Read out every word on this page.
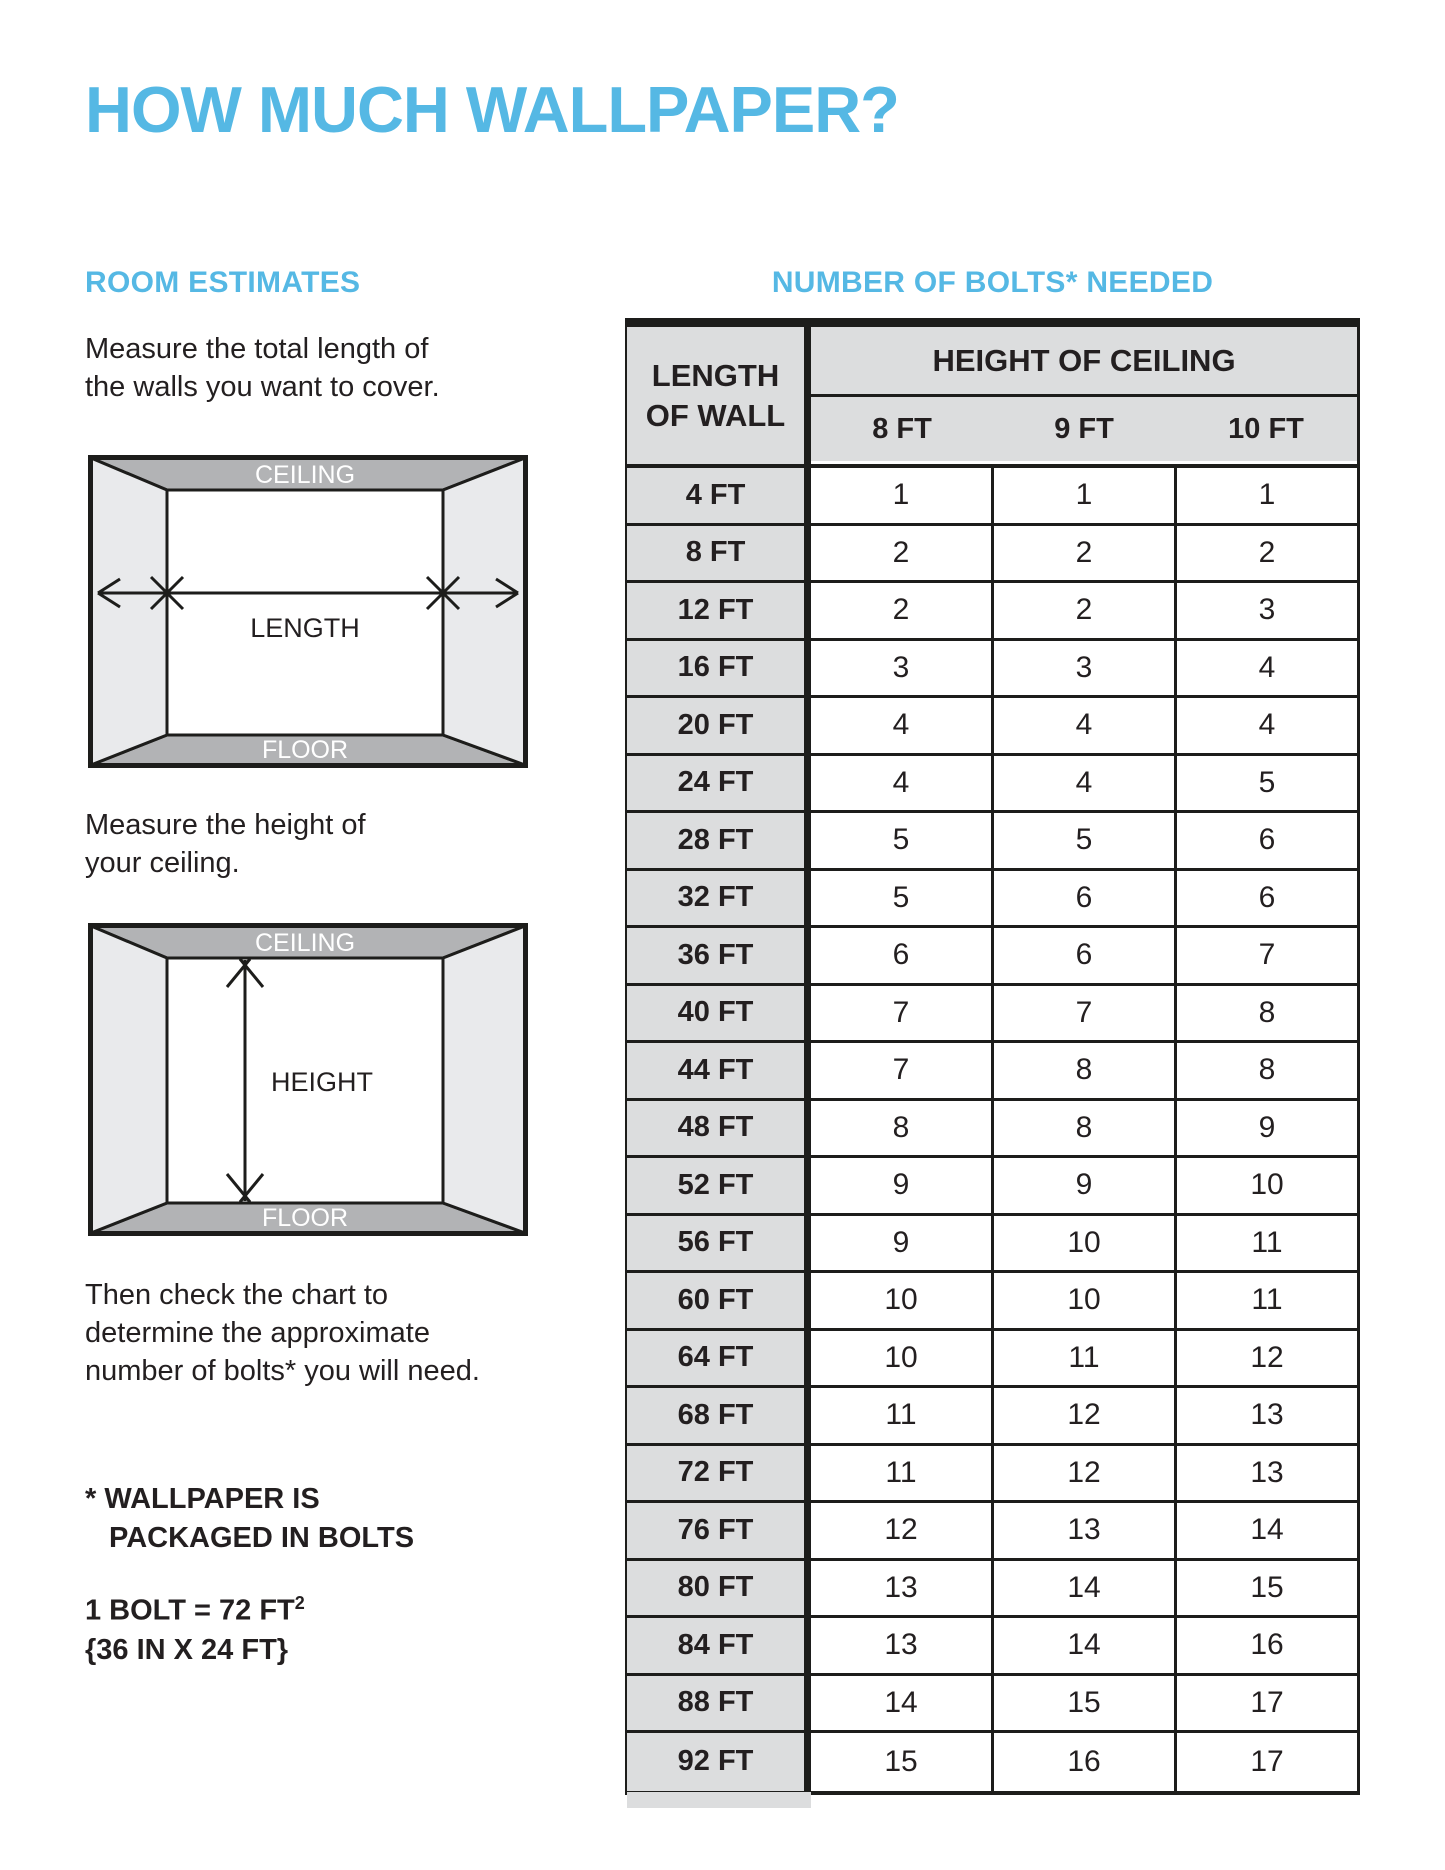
HOW MUCH WALLPAPER?
ROOM ESTIMATES	NUMBER OF BOLTS* NEEDED
Measure the total length of
the walls you want to cover.
CEILING
FLOOR
LENGTH
Measure the height of
your ceiling.
CEILING
FLOOR
HEIGHT
Then check the chart to
determine the approximate
number of bolts* you will need.
* WALLPAPER IS
PACKAGED IN BOLTS
1 BOLT = 72 $FT^2$
{36 IN X 24 FT}
LENGTH
OF WALL
HEIGHT OF CEILING
8 FT	9 FT	10 FT
4 FT	1	1	1
8 FT	2	2	2
12 FT	2	2	3
16 FT	3	3	4
20 FT	4	4	4
24 FT	4	4	5
28 FT	5	5	6
32 FT	5	6	6
36 FT	6	6	7
40 FT	7	7	8
44 FT	7	8	8
48 FT	8	8	9
52 FT	9	9	10
56 FT	9	10	11
60 FT	10	10	11
64 FT	10	11	12
68 FT	11	12	13
72 FT	11	12	13
76 FT	12	13	14
80 FT	13	14	15
84 FT	13	14	16
88 FT	14	15	17
92 FT	15	16	17
